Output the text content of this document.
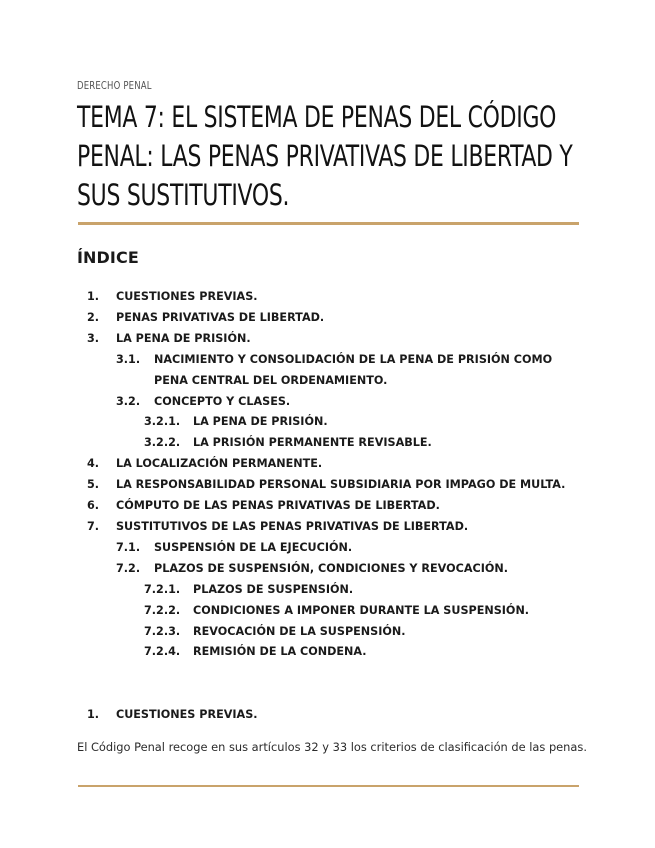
DERECHO PENAL
TEMA 7: EL SISTEMA DE PENAS DEL CÓDIGO
PENAL: LAS PENAS PRIVATIVAS DE LIBERTAD Y
SUS SUSTITUTIVOS.
ÍNDICE
1. CUESTIONES PREVIAS.
2. PENAS PRIVATIVAS DE LIBERTAD.
3. LA PENA DE PRISIÓN.
3.1. NACIMIENTO Y CONSOLIDACIÓN DE LA PENA DE PRISIÓN COMO PENA CENTRAL DEL ORDENAMIENTO.
3.2. CONCEPTO Y CLASES.
3.2.1. LA PENA DE PRISIÓN.
3.2.2. LA PRISIÓN PERMANENTE REVISABLE.
4. LA LOCALIZACIÓN PERMANENTE.
5. LA RESPONSABILIDAD PERSONAL SUBSIDIARIA POR IMPAGO DE MULTA.
6. CÓMPUTO DE LAS PENAS PRIVATIVAS DE LIBERTAD.
7. SUSTITUTIVOS DE LAS PENAS PRIVATIVAS DE LIBERTAD.
7.1. SUSPENSIÓN DE LA EJECUCIÓN.
7.2. PLAZOS DE SUSPENSIÓN, CONDICIONES Y REVOCACIÓN.
7.2.1. PLAZOS DE SUSPENSIÓN.
7.2.2. CONDICIONES A IMPONER DURANTE LA SUSPENSIÓN.
7.2.3. REVOCACIÓN DE LA SUSPENSIÓN.
7.2.4. REMISIÓN DE LA CONDENA.
1. CUESTIONES PREVIAS.

El Código Penal recoge en sus artículos 32 y 33 los criterios de clasificación de las penas.
